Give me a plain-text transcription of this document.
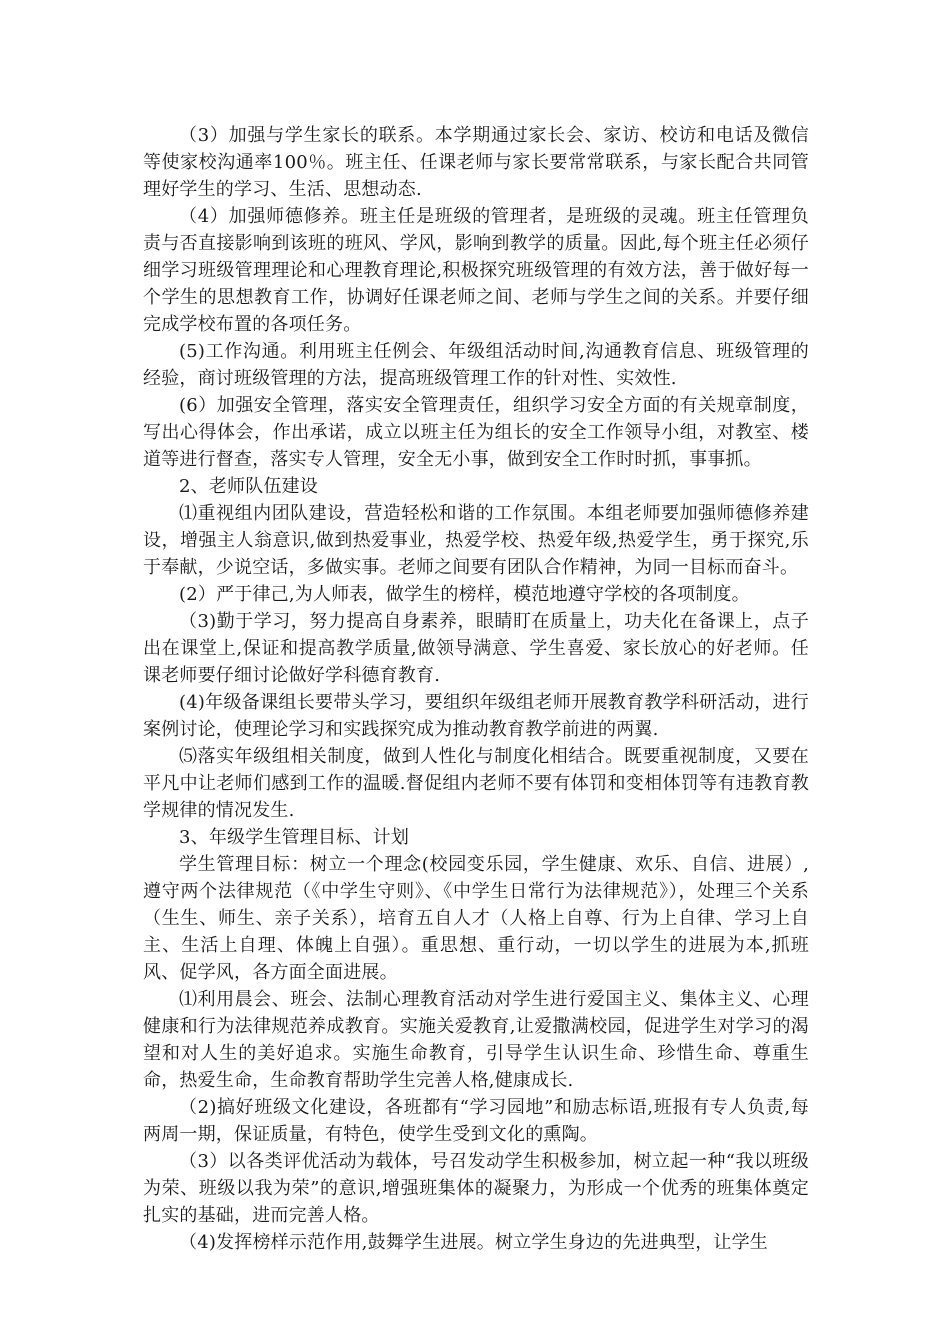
（3）加强与学生家长的联系。本学期通过家长会、家访、校访和电话及微信等使家校沟通率100％。班主任、任课老师与家长要常常联系，与家长配合共同管理好学生的学习、生活、思想动态.

（4）加强师德修养。班主任是班级的管理者，是班级的灵魂。班主任管理负责与否直接影响到该班的班风、学风，影响到教学的质量。因此,每个班主任必须仔细学习班级管理理论和心理教育理论,积极探究班级管理的有效方法，善于做好每一个学生的思想教育工作，协调好任课老师之间、老师与学生之间的关系。并要仔细完成学校布置的各项任务。

(5)工作沟通。利用班主任例会、年级组活动时间,沟通教育信息、班级管理的经验，商讨班级管理的方法，提高班级管理工作的针对性、实效性.

(6）加强安全管理，落实安全管理责任，组织学习安全方面的有关规章制度，写出心得体会，作出承诺，成立以班主任为组长的安全工作领导小组，对教室、楼道等进行督查，落实专人管理，安全无小事，做到安全工作时时抓，事事抓。

2、老师队伍建设

⑴重视组内团队建设，营造轻松和谐的工作氛围。本组老师要加强师德修养建设，增强主人翁意识,做到热爱事业，热爱学校、热爱年级,热爱学生，勇于探究,乐于奉献，少说空话，多做实事。老师之间要有团队合作精神，为同一目标而奋斗。

(2）严于律己,为人师表，做学生的榜样，模范地遵守学校的各项制度。

（3)勤于学习，努力提高自身素养，眼睛盯在质量上，功夫化在备课上，点子出在课堂上,保证和提高教学质量,做领导满意、学生喜爱、家长放心的好老师。任课老师要仔细讨论做好学科德育教育.

(4)年级备课组长要带头学习，要组织年级组老师开展教育教学科研活动，进行案例讨论，使理论学习和实践探究成为推动教育教学前进的两翼.

⑸落实年级组相关制度，做到人性化与制度化相结合。既要重视制度，又要在平凡中让老师们感到工作的温暖.督促组内老师不要有体罚和变相体罚等有违教育教学规律的情况发生.

3、年级学生管理目标、计划

学生管理目标：树立一个理念(校园变乐园，学生健康、欢乐、自信、进展）,遵守两个法律规范（《中学生守则》、《中学生日常行为法律规范》），处理三个关系（生生、师生、亲子关系），培育五自人才（人格上自尊、行为上自律、学习上自主、生活上自理、体魄上自强）。重思想、重行动，一切以学生的进展为本,抓班风、促学风，各方面全面进展。

⑴利用晨会、班会、法制心理教育活动对学生进行爱国主义、集体主义、心理健康和行为法律规范养成教育。实施关爱教育,让爱撒满校园，促进学生对学习的渴望和对人生的美好追求。实施生命教育，引导学生认识生命、珍惜生命、尊重生命，热爱生命，生命教育帮助学生完善人格,健康成长.

（2)搞好班级文化建设，各班都有“学习园地”和励志标语,班报有专人负责,每两周一期，保证质量，有特色，使学生受到文化的熏陶。

（3）以各类评优活动为载体，号召发动学生积极参加，树立起一种“我以班级为荣、班级以我为荣”的意识,增强班集体的凝聚力，为形成一个优秀的班集体奠定扎实的基础，进而完善人格。

（4)发挥榜样示范作用,鼓舞学生进展。树立学生身边的先进典型，让学生
